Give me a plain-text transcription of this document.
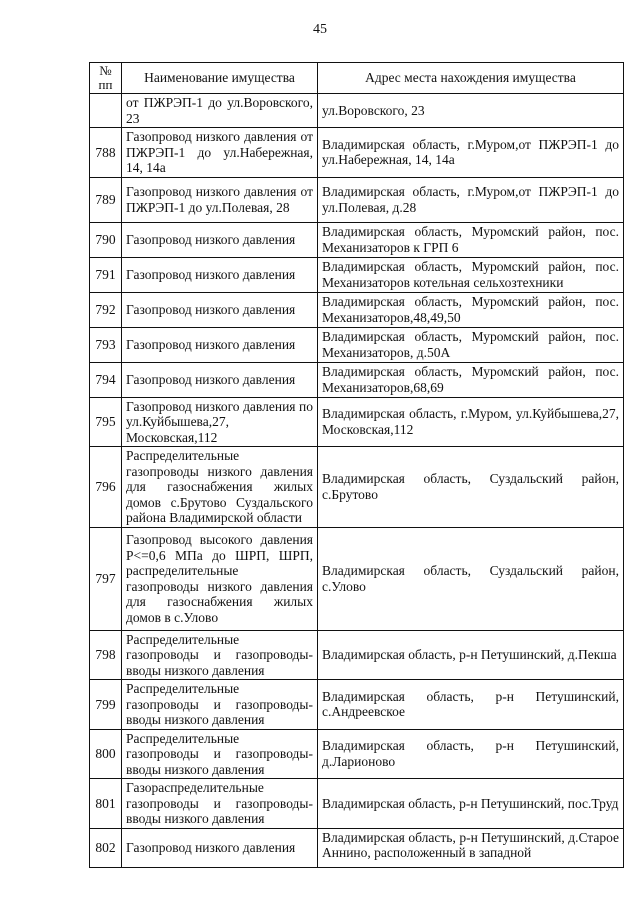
45
№ пп	Наименование имущества	Адрес места нахождения имущества
	от ПЖРЭП-1 до ул.Воровского, 23	ул.Воровского, 23
788	Газопровод низкого давления от ПЖРЭП-1 до ул.Набережная, 14, 14а	Владимирская область, г.Муром,от ПЖРЭП-1 до ул.Набережная, 14, 14а
789	Газопровод низкого давления от ПЖРЭП-1 до ул.Полевая, 28	Владимирская область, г.Муром,от ПЖРЭП-1 до ул.Полевая, д.28
790	Газопровод низкого давления	Владимирская область, Муромский район, пос. Механизаторов к ГРП 6
791	Газопровод низкого давления	Владимирская область, Муромский район, пос. Механизаторов котельная сельхозтехники
792	Газопровод низкого давления	Владимирская область, Муромский район, пос. Механизаторов,48,49,50
793	Газопровод низкого давления	Владимирская область, Муромский район, пос. Механизаторов, д.50А
794	Газопровод низкого давления	Владимирская область, Муромский район, пос. Механизаторов,68,69
795	Газопровод низкого давления по ул.Куйбышева,27, Московская,112	Владимирская область, г.Муром, ул.Куйбышева,27, Московская,112
796	Распределительные газопроводы низкого давления для газоснабжения жилых домов с.Брутово Суздальского района Владимирской области	Владимирская область, Суздальский район, с.Брутово
797	Газопровод высокого давления Р<=0,6 МПа до ШРП, ШРП, распределительные газопроводы низкого давления для газоснабжения жилых домов в с.Улово	Владимирская область, Суздальский район, с.Улово
798	Распределительные газопроводы и газопроводы-вводы низкого давления	Владимирская область, р-н Петушинский, д.Пекша
799	Распределительные газопроводы и газопроводы-вводы низкого давления	Владимирская область, р-н Петушинский, с.Андреевское
800	Распределительные газопроводы и газопроводы-вводы низкого давления	Владимирская область, р-н Петушинский, д.Ларионово
801	Газораспределительные газопроводы и газопроводы-вводы низкого давления	Владимирская область, р-н Петушинский, пос.Труд
802	Газопровод низкого давления	Владимирская область, р-н Петушинский, д.Старое Аннино, расположенный в западной
